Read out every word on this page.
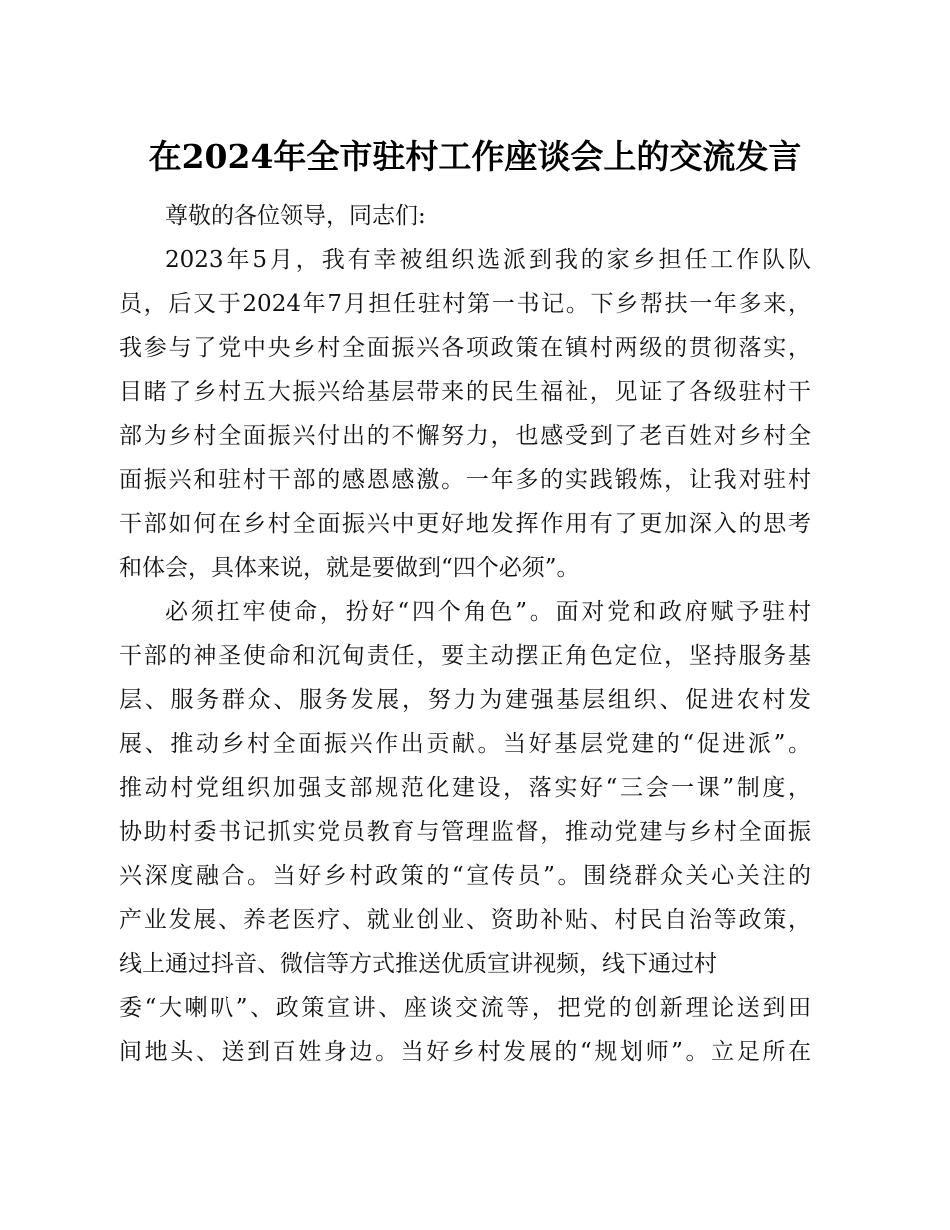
在2024年全市驻村工作座谈会上的交流发言
尊敬的各位领导，同志们:
2023年5月，我有幸被组织选派到我的家乡担任工作队队
员，后又于2024年7月担任驻村第一书记。下乡帮扶一年多来，
我参与了党中央乡村全面振兴各项政策在镇村两级的贯彻落实，
目睹了乡村五大振兴给基层带来的民生福祉，见证了各级驻村干
部为乡村全面振兴付出的不懈努力，也感受到了老百姓对乡村全
面振兴和驻村干部的感恩感激。一年多的实践锻炼，让我对驻村
干部如何在乡村全面振兴中更好地发挥作用有了更加深入的思考
和体会，具体来说，就是要做到“四个必须”。
必须扛牢使命，扮好“四个角色”。面对党和政府赋予驻村
干部的神圣使命和沉甸责任，要主动摆正角色定位，坚持服务基
层、服务群众、服务发展，努力为建强基层组织、促进农村发
展、推动乡村全面振兴作出贡献。当好基层党建的“促进派”。
推动村党组织加强支部规范化建设，落实好“三会一课”制度，
协助村委书记抓实党员教育与管理监督，推动党建与乡村全面振
兴深度融合。当好乡村政策的“宣传员”。围绕群众关心关注的
产业发展、养老医疗、就业创业、资助补贴、村民自治等政策，
线上通过抖音、微信等方式推送优质宣讲视频，线下通过村
委“大喇叭”、政策宣讲、座谈交流等，把党的创新理论送到田
间地头、送到百姓身边。当好乡村发展的“规划师”。立足所在
